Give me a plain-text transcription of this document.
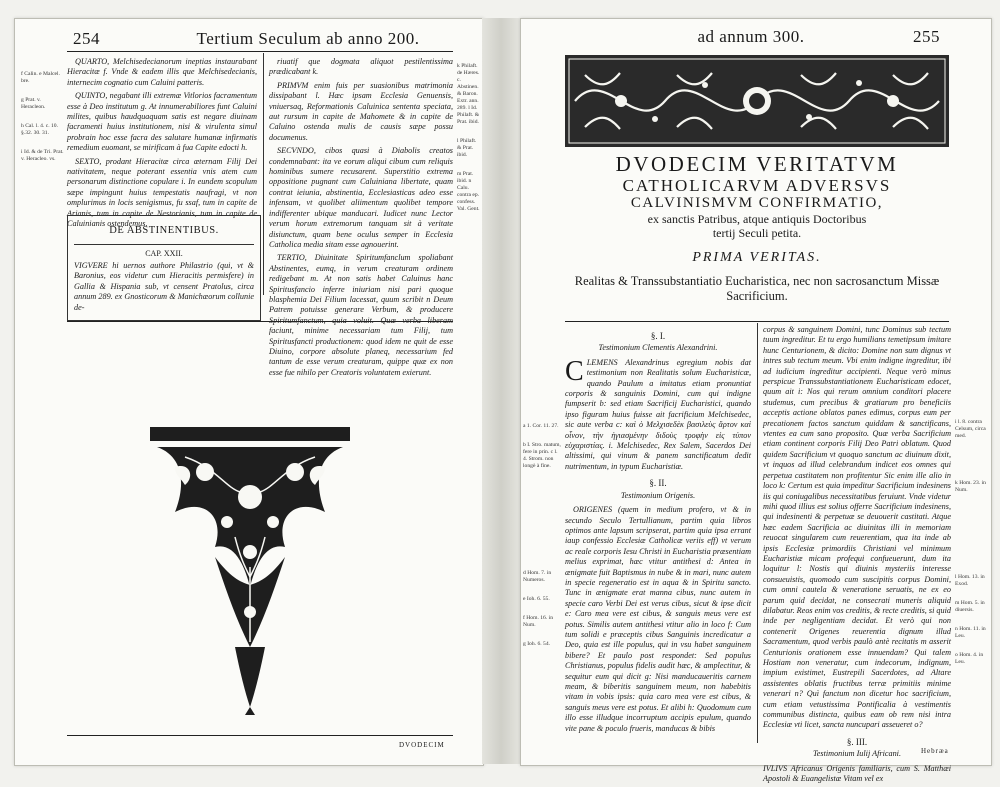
254	Tertium Seculum ab anno 200.
f Calin. e Malcel. bre.
g Prat. v. Heracleon.
h Cal. l. 4. c. 10. §.32. 30. 31.
i Id. & de Tri. Prat. v. Heracleo. vs.

QUARTO, Melchisedecianorum ineptias instaurabant Hieracitæ f. Vnde & eadem illis que Melchisedecianis, internecim cognatio cum Caluini patteris.

QUINTO, negabant illi extremæ Vitlorios facramentum esse à Deo institutum g. At innumerabiliores funt Caluini milites, quibus haudquaquam satis est negare diuinam facramenti huius institutionem, nisi & virulenta simul probrain hoc esse facra des salutare humanæ infirmatis remedium euomant, se mirificam à fua Capite edocti h.

SEXTO, prodant Hieracitæ circa æternam Filij Dei nativitatem, neque poterant essentia vnis atem cum personarum distinctione copulare i. In eundem scopulum sæpe impingunt huius tempestatis naufragi, vt non omplurimus in locis senigismus, fu ssaf, tum in capite de Arianis, tum in capite de Nestorianis, tum in capite de Caluinianis ostendemus.

DE ABSTINENTIBUS.
CAP. XXII.
VIGVERE hi uernos authore Philastrio (qui, vt & Baronius, eos videtur cum Hieracitis permisfere) in Gallia & Hispania sub, vt censent Pratolus, circa annum 289. ex Gnosticorum & Manichæorum collunie de-

riuatif que dogmata aliquot pestilentissima prædicabant k.

PRIMVM enim fuis per suasionibus matrimonia dissipabant l. Hæc ipsam Ecclesia Genuensis, vniuersaq, Reformationis Caluinica sententa speciata, aut rursum in capite de Mahomete & in capite de Caluino ostenda mulis de causis sæpe possu documenus.

SECVNDO, cibos quasi à Diabolis creatos condemnabant: ita ve eorum aliqui cibum cum reliquis hominibus sumere recusarent. Superstitio extrema oppositione pugnant cum Caluiniana libertate, quam contrat ieiunia, abstinentia, Ecclesiasticas adeo esse infensam, vt quolibet aliimentum quolibet tempore indifferenter ubique manducari. Iudicet nunc Lector verum horum extremorum tanquam sit à veritate disiunctum, quam bene oculus semper in Ecclesia Catholica media sitam esse agnouerint.

TERTIO, Diuinitate Spiritumfanclum spoliabant Abstinentes, eumq, in verum creaturam ordinem redigebant m. At non satis habet Caluinus hanc Spiritusfancio inferre iniuriam nisi pari quoque blasphemia Dei Filium lacessat, quum scribit n Deum Patrem potuisse generare Verbum, & producere faciunt, minime necessariam tum Filij, tum Spiritusfancti productionem: quod idem ne quit de esse Diuino, corpore absolute planeq, necessarium fed tantum de esse verum creaturam, quippe quæ ex non esse fue nihilo per Creatoris voluntatem exierunt.

k Philaft. de Hæres. c. Abstinen. & Baron. Extr. ann. 289. l Id. Philaft. & Prat. ibid.
l Philaft. & Prat. ibid.
m Prat. ibid. n Calu. contra ep. confess. Val. Gent.
DVODECIM
ad annum 300.	255
DVODECIM VERITATVM
CATHOLICARVM ADVERSVS
CALVINISMVM CONFIRMATIO,
ex sanctis Patribus, atque antiquis Doctoribus
tertij Seculi petita.
PRIMA VERITAS.
Realitas & Transsubstantiatio Eucharistica, nec non sacrosanctum Missæ Sacrificium.
a 1. Cor. 11. 27.
b I. Stro. matum, fere in prin. c l. 4. Strom. non longè à fine.
d Hom. 7. in Numeros.
e Ioh. 6. 55.
f Hom. 16. in Num.
g Ioh. 6. 54.
§. I.
Testimonium Clementis Alexandrini.

CLEMENS Alexandrinus egregium nobis dat testimonium non Realitatis solum Eucharisticæ, quando Paulum a imitatus etiam pronuntiat corporis & sanguinis Domini, cum qui indigne fumpserit b: sed etiam Sacrificij Eucharistici, quando ipso figuram huius fuisse ait facrificium Melchisedec, sic aute verba c: καὶ ὁ Μελχισεδὲκ βασιλεὺς ἄρτον καὶ οἶνον, τὴν ἡγιασμένην διδοὺς τροφὴν εἰς τύπον εὐχαριστίας. i. Melchisedec, Rex Salem, Sacerdos Dei altissimi, qui vinum & panem sanctificatum dedit nutrimentum, in typum Eucharistiæ.

§. II.
Testimonium Origenis.

ORIGENES (quem in medium profero, vt & in secundo Seculo Tertullianum, partim quia libros optimos ante lapsum scripserat, partim quia ipsa errant iaup confessio Ecclesiæ Catholicæ veriis eff) vt verum ac reale corporis Iesu Christi in Eucharistia præsentiam melius exprimat, hæc vtitur antithesi d: Antea in ænigmate fuit Baptismus in nube & in mari, nunc autem in specie regeneratio est in aqua & in Spiritu sancto. Tunc in ænigmate erat manna cibus, nunc autem in specie caro Verbi Dei est verus cibus, sicut & ipse dicit e: Caro mea vere est cibus, & sanguis meus vere est potus. Similis autem antithesi vtitur alio in loco f: Cum tum solidi e præceptis cibus Sanguinis incredicatur a Deo, quia est ille populus, qui in vsu habet sanguinem bibere? Et paulo post respondet: Sed populus Christianus, populus fidelis audit hæc, & amplectitur, & sequitur eum qui dicit g: Nisi manducaueritis carnem meam, & biberitis sanguinem meum, non habebitis vitam in vobis ipsis: quia caro mea vere est cibus, & sanguis meus vere est potus. Et alibi h: Quodomum cum illo esse illudque incorruptum accipis epulum, quando vite pane & poculo frueris, manducas & bibis

corpus & sanguinem Domini, tunc Dominus sub tectum tuum ingreditur. Et tu ergo humilians temetipsum imitare hunc Centurionem, & dicito: Domine non sum dignus vt intres sub tectum meum. Vbi enim indigne ingreditur, ibi ad iudicium ingreditur accipienti. Neque verò minus perspicue Transsubstantiationem Eucharisticam edocet, quum ait i: Nos qui rerum omnium conditori placere studemus, cum precibus & gratiarum pro beneficiis acceptis actione oblatos panes edimus, corpus eum per precationem factos sanctum quiddam & sanctificans, vtentes ea cum sano proposito. Quæ verba Sacrificium etiam continent corporis Filij Deo Patri oblatum. Quod quidem Sacrificium vt quoquo sanctum ac diuinum dixit, vt inquos ad illud celebrandum indicet eos omnes qui perpetua castitatem non profitentur Sic enim ille alio in loco k: Certum est quia impeditur Sacrificium indesinens iis qui coniugalibus necessitatibus feruiunt. Vnde videtur mihi quod illius est solius offerre Sacrificium indesinens, qui indesinenti & perpetuæ se deuouerit castitati. Atque hæc eadem Sacrificia ac diuinitas illi in memoriam reuocat singularem cum reuerentiam, qua ita inde ab ipsis Ecclesiæ primordiis Christiani vel minimum Eucharistiæ micam profequi confueuerunt, dum ita loquitur l: Nostis qui diuinis mysteriis interesse consueuistis, quomodo cum suscipitis corpus Domini, cum omni cautela & veneratione seruatis, ne ex eo parum quid decidat, ne consecrati muneris aliquid dilabatur. Reos enim vos creditis, & recte creditis, si quid inde per negligentiam decidat. Et verò qui non contenerit Origenes reuerentia dignum illud Sacramentum, quod verbis paulò antè recitatis m asserit Centurionis orationem esse innuendam? Qui talem Hostiam non veneratur, cum indecorum, indignum, impium existimet, Eustrepili Sacerdotes, ad Altare assistentes oblatis fructibus terræ primitiis minime venerari n? Quì fanctum non dicetur hoc sacrificium, cum etiam vetustissima Pontificalia à vestimentis communibus distincta, quibus eam ob rem nisi intra Ecclesiæ vti licet, sancta nuncupari asseueret o?

§. III.
Testimonium Iulij Africani.

IVLIVS Africanus Origenis familiaris, cum S. Matthæi Apostoli & Euangelistæ Vitam vel ex

i l. 8. contra Celsum, circa med.
k Hom. 23. in Num.
l Hom. 13. in Exod.
m Hom. 5. in diuersis.
n Hom. 11. in Leu.
o Hom. 4. in Leu.
Hebræa
